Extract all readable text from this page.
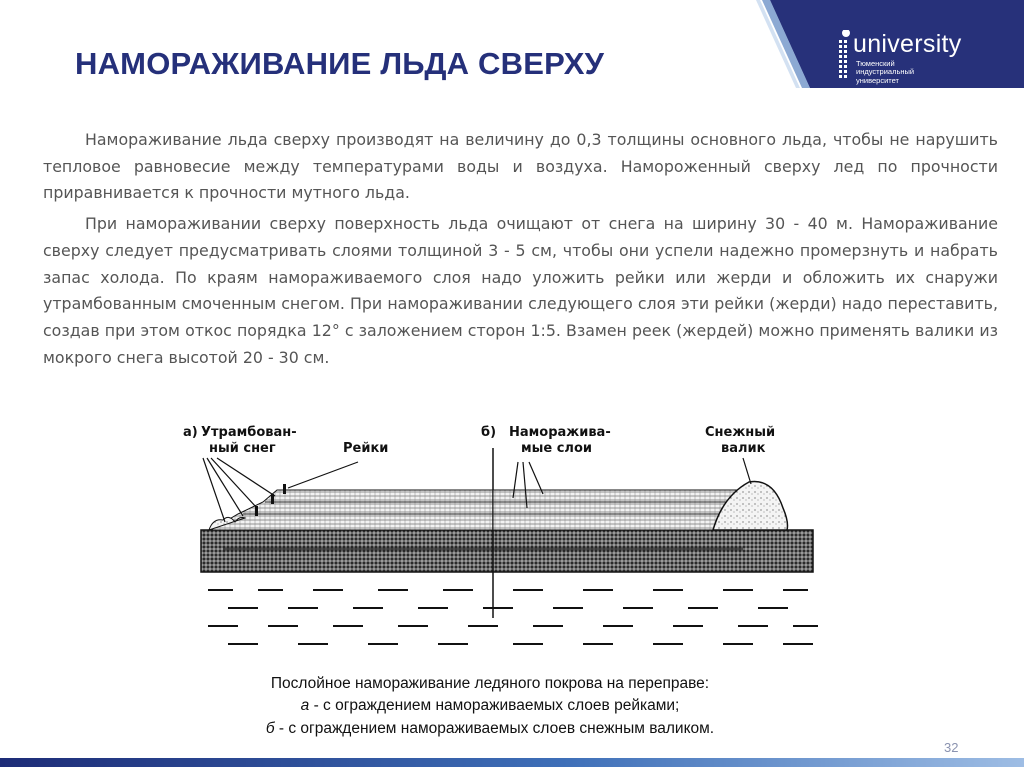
university
Тюменский
индустриальный
университет
НАМОРАЖИВАНИЕ ЛЬДА СВЕРХУ

Намораживание льда сверху производят на величину до 0,3 толщины основного льда, чтобы не нарушить тепловое равновесие между температурами воды и воздуха. Намороженный сверху лед по прочности приравнивается к прочности мутного льда.

При намораживании сверху поверхность льда очищают от снега на ширину 30 - 40 м. Намораживание сверху следует предусматривать слоями толщиной 3 - 5 см, чтобы они успели надежно промерзнуть и набрать запас холода. По краям намораживаемого слоя надо уложить рейки или жерди и обложить их снаружи утрамбованным смоченным снегом. При намораживании следующего слоя эти рейки (жерди) надо переставить, создав при этом откос порядка 12° с заложением сторон 1:5. Взамен реек (жердей) можно применять валики из мокрого снега высотой 20 - 30 см.

а) Утрамбован-
ный снег	Рейки
б) Наморажива-
мые слои
Снежный
валик
Послойное намораживание ледяного покрова на переправе:
а - с ограждением намораживаемых слоев рейками;
б - с ограждением намораживаемых слоев снежным валиком.
32
